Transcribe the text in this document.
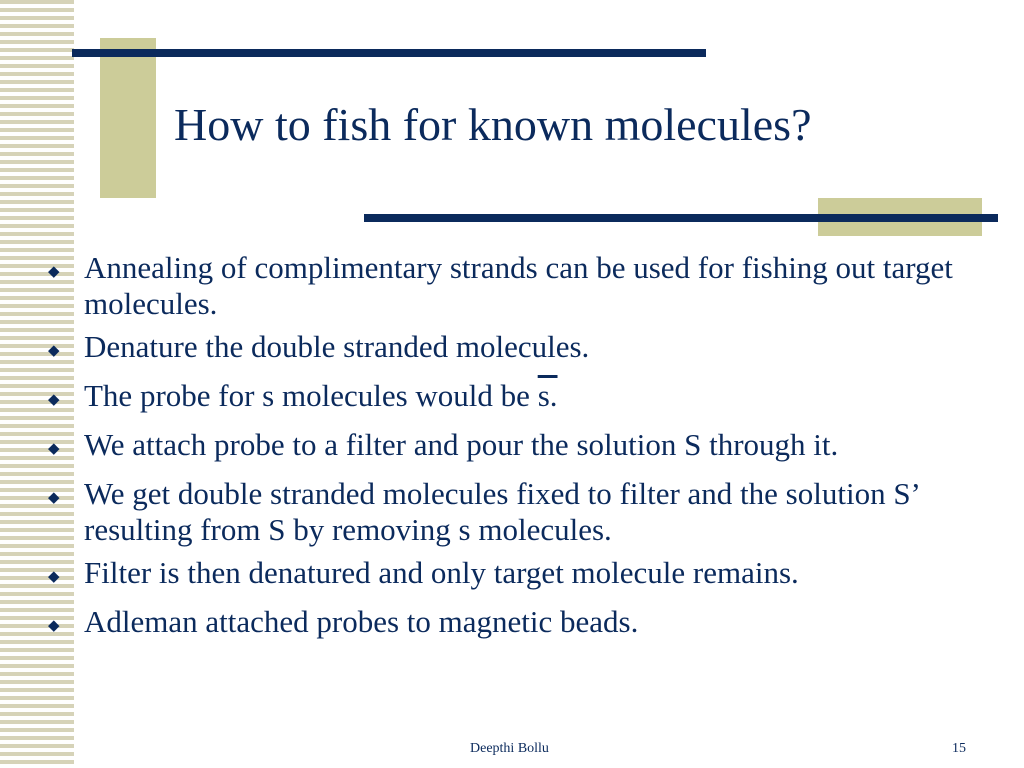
How to fish for known molecules?
◆ Annealing of complimentary strands can be used for fishing out target molecules.
◆ Denature the double stranded molecules.
◆ The probe for s molecules would be s.
◆ We attach probe to a filter and pour the solution S through it.
◆ We get double stranded molecules fixed to filter and the solution S’ resulting from S by removing s molecules.
◆ Filter is then denatured and only target molecule remains.
◆ Adleman attached probes to magnetic beads.
Deepthi Bollu	15
